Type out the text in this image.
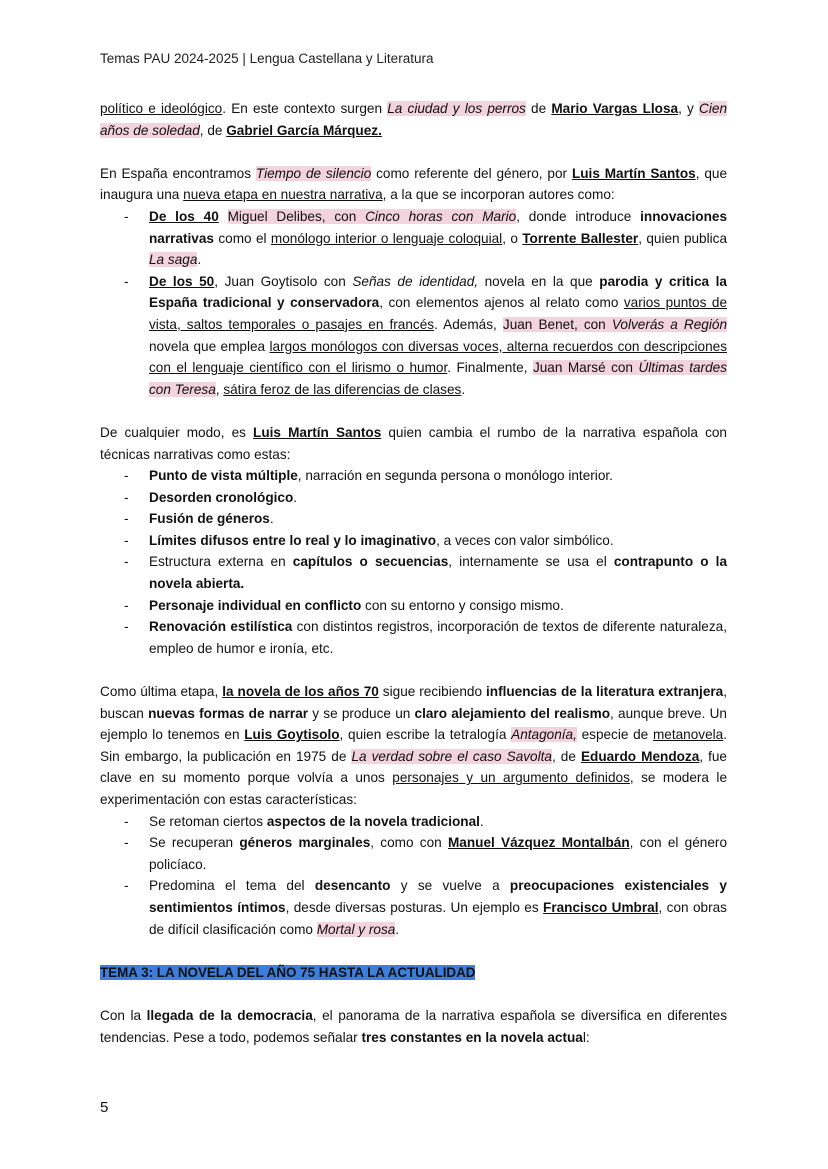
Temas PAU 2024-2025 | Lengua Castellana y Literatura

político e ideológico. En este contexto surgen La ciudad y los perros de Mario Vargas Llosa, y Cien años de soledad, de Gabriel García Márquez.

En España encontramos Tiempo de silencio como referente del género, por Luis Martín Santos, que inaugura una nueva etapa en nuestra narrativa, a la que se incorporan autores como:

- De los 40 Miguel Delibes, con Cinco horas con Mario, donde introduce innovaciones narrativas como el monólogo interior o lenguaje coloquial, o Torrente Ballester, quien publica La saga.
- De los 50, Juan Goytisolo con Señas de identidad, novela en la que parodia y critica la España tradicional y conservadora, con elementos ajenos al relato como varios puntos de vista, saltos temporales o pasajes en francés. Además, Juan Benet, con Volverás a Región novela que emplea largos monólogos con diversas voces, alterna recuerdos con descripciones con el lenguaje científico con el lirismo o humor. Finalmente, Juan Marsé con Últimas tardes con Teresa, sátira feroz de las diferencias de clases.

De cualquier modo, es Luis Martín Santos quien cambia el rumbo de la narrativa española con técnicas narrativas como estas:

- Punto de vista múltiple, narración en segunda persona o monólogo interior.
- Desorden cronológico.
- Fusión de géneros.
- Límites difusos entre lo real y lo imaginativo, a veces con valor simbólico.
- Estructura externa en capítulos o secuencias, internamente se usa el contrapunto o la novela abierta.
- Personaje individual en conflicto con su entorno y consigo mismo.
- Renovación estilística con distintos registros, incorporación de textos de diferente naturaleza, empleo de humor e ironía, etc.

Como última etapa, la novela de los años 70 sigue recibiendo influencias de la literatura extranjera, buscan nuevas formas de narrar y se produce un claro alejamiento del realismo, aunque breve. Un ejemplo lo tenemos en Luis Goytisolo, quien escribe la tetralogía Antagonía, especie de metanovela. Sin embargo, la publicación en 1975 de La verdad sobre el caso Savolta, de Eduardo Mendoza, fue clave en su momento porque volvía a unos personajes y un argumento definidos, se modera le experimentación con estas características:

- Se retoman ciertos aspectos de la novela tradicional.
- Se recuperan géneros marginales, como con Manuel Vázquez Montalbán, con el género policíaco.
- Predomina el tema del desencanto y se vuelve a preocupaciones existenciales y sentimientos íntimos, desde diversas posturas. Un ejemplo es Francisco Umbral, con obras de difícil clasificación como Mortal y rosa.

TEMA 3: LA NOVELA DEL AÑO 75 HASTA LA ACTUALIDAD

Con la llegada de la democracia, el panorama de la narrativa española se diversifica en diferentes tendencias. Pese a todo, podemos señalar tres constantes en la novela actual:

5
